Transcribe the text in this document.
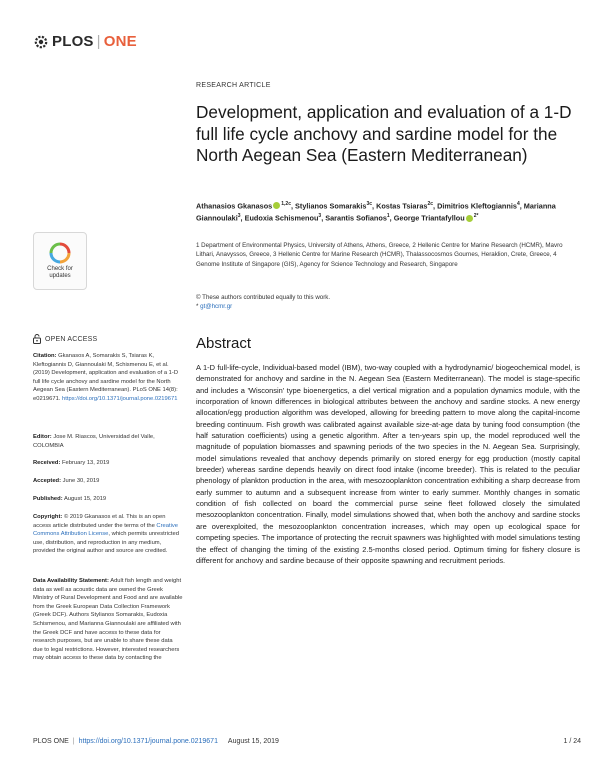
PLOS | ONE
RESEARCH ARTICLE
Development, application and evaluation of a 1-D full life cycle anchovy and sardine model for the North Aegean Sea (Eastern Mediterranean)
Athanasios Gkanasos $^{1,2c}$, Stylianos Somarakis$^{3c}$, Kostas Tsiaras$^{2c}$, Dimitrios Kleftogiannis$^4$, Marianna Giannoulaki$^3$, Eudoxia Schismenou$^3$, Sarantis Sofianos$^1$, George Triantafyllou $^{2*}$
1 Department of Environmental Physics, University of Athens, Athens, Greece, 2 Hellenic Centre for Marine Research (HCMR), Mavro Lithari, Anavyssos, Greece, 3 Hellenic Centre for Marine Research (HCMR), Thalassocosmos Gournes, Heraklion, Crete, Greece, 4 Genome Institute of Singapore (GIS), Agency for Science Technology and Research, Singapore
© These authors contributed equally to this work.
* gt@hcmr.gr
Abstract

A 1-D full-life-cycle, Individual-based model (IBM), two-way coupled with a hydrodynamic/ biogeochemical model, is demonstrated for anchovy and sardine in the N. Aegean Sea (Eastern Mediterranean). The model is stage-specific and includes a 'Wisconsin' type bioenergetics, a diel vertical migration and a population dynamics module, with the incorporation of known differences in biological attributes between the anchovy and sardine stocks. A new energy allocation/egg production algorithm was developed, allowing for breeding pattern to move along the capital-income breeding continuum. Fish growth was calibrated against available size-at-age data by tuning food consumption (the half saturation coefficients) using a genetic algorithm. After a ten-years spin up, the model reproduced well the magnitude of population biomasses and spawning periods of the two species in the N. Aegean Sea. Surprisingly, model simulations revealed that anchovy depends primarily on stored energy for egg production (mostly capital breeder) whereas sardine depends heavily on direct food intake (income breeder). This is related to the peculiar phenology of plankton production in the area, with mesozooplankton concentration exhibiting a sharp decrease from early summer to autumn and a subsequent increase from winter to early summer. Monthly changes in somatic condition of fish collected on board the commercial purse seine fleet followed closely the simulated mesozooplankton concentration. Finally, model simulations showed that, when both the anchovy and sardine stocks are overexploited, the mesozooplankton concentration increases, which may open up ecological space for competing species. The importance of protecting the recruit spawners was highlighted with model simulations testing the effect of changing the timing of the existing 2.5-months closed period. Optimum timing for fishery closure is different for anchovy and sardine because of their opposite spawning and recruitment periods.

Check for
updates
OPEN ACCESS
Citation: Gkanasos A, Somarakis S, Tsiaras K, Kleftogiannis D, Giannoulaki M, Schismenou E, et al. (2019) Development, application and evaluation of a 1-D full life cycle anchovy and sardine model for the North Aegean Sea (Eastern Mediterranean). PLoS ONE 14(8): e0219671. https://doi.org/10.1371/journal.pone.0219671
Editor: Jose M. Riascos, Universidad del Valle, COLOMBIA
Received: February 13, 2019
Accepted: June 30, 2019
Published: August 15, 2019
Copyright: © 2019 Gkanasos et al. This is an open access article distributed under the terms of the Creative Commons Attribution License, which permits unrestricted use, distribution, and reproduction in any medium, provided the original author and source are credited.
Data Availability Statement: Adult fish length and weight data as well as acoustic data are owned the Greek Ministry of Rural Development and Food and are available from the Greek European Data Collection Framework (Greek DCF). Authors Stylianos Somarakis, Eudoxia Schismenou, and Marianna Giannoulaki are affiliated with the Greek DCF and have access to these data for research purposes, but are unable to share these data due to legal restrictions. However, interested researchers may obtain access to these data by contacting the
PLOS ONE | https://doi.org/10.1371/journal.pone.0219671 August 15, 2019	1 / 24
